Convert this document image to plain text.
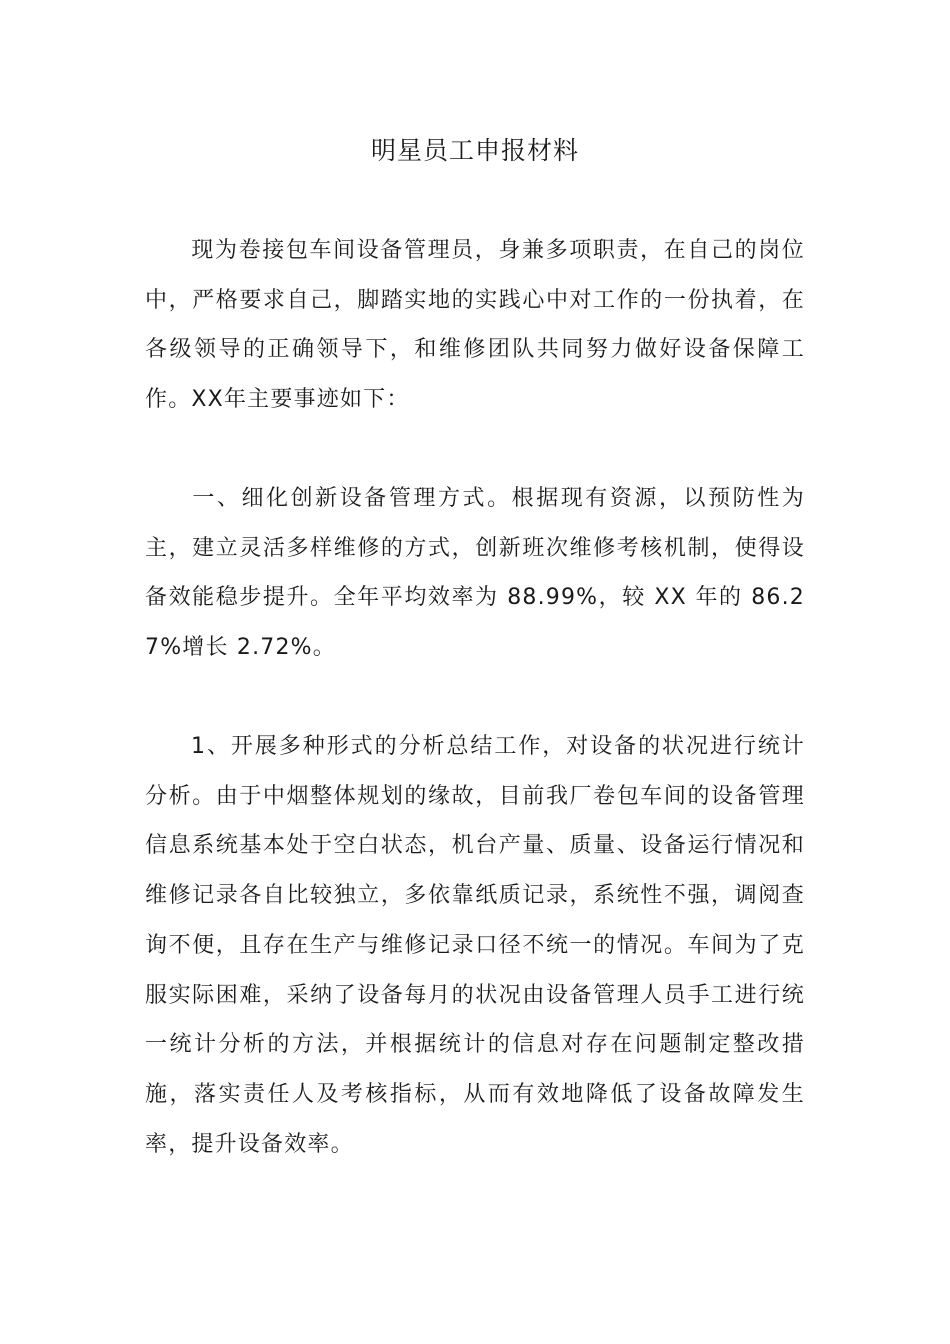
明星员工申报材料
现为卷接包车间设备管理员，身兼多项职责，在自己的岗位中，严格要求自己，脚踏实地的实践心中对工作的一份执着，在各级领导的正确领导下，和维修团队共同努力做好设备保障工作。XX年主要事迹如下：
一、细化创新设备管理方式。根据现有资源，以预防性为主，建立灵活多样维修的方式，创新班次维修考核机制，使得设备效能稳步提升。全年平均效率为 88.99%，较 XX 年的 86.27%增长 2.72%。
1、开展多种形式的分析总结工作，对设备的状况进行统计分析。由于中烟整体规划的缘故，目前我厂卷包车间的设备管理信息系统基本处于空白状态，机台产量、质量、设备运行情况和维修记录各自比较独立，多依靠纸质记录，系统性不强，调阅查询不便，且存在生产与维修记录口径不统一的情况。车间为了克服实际困难，采纳了设备每月的状况由设备管理人员手工进行统一统计分析的方法，并根据统计的信息对存在问题制定整改措施，落实责任人及考核指标，从而有效地降低了设备故障发生率，提升设备效率。
